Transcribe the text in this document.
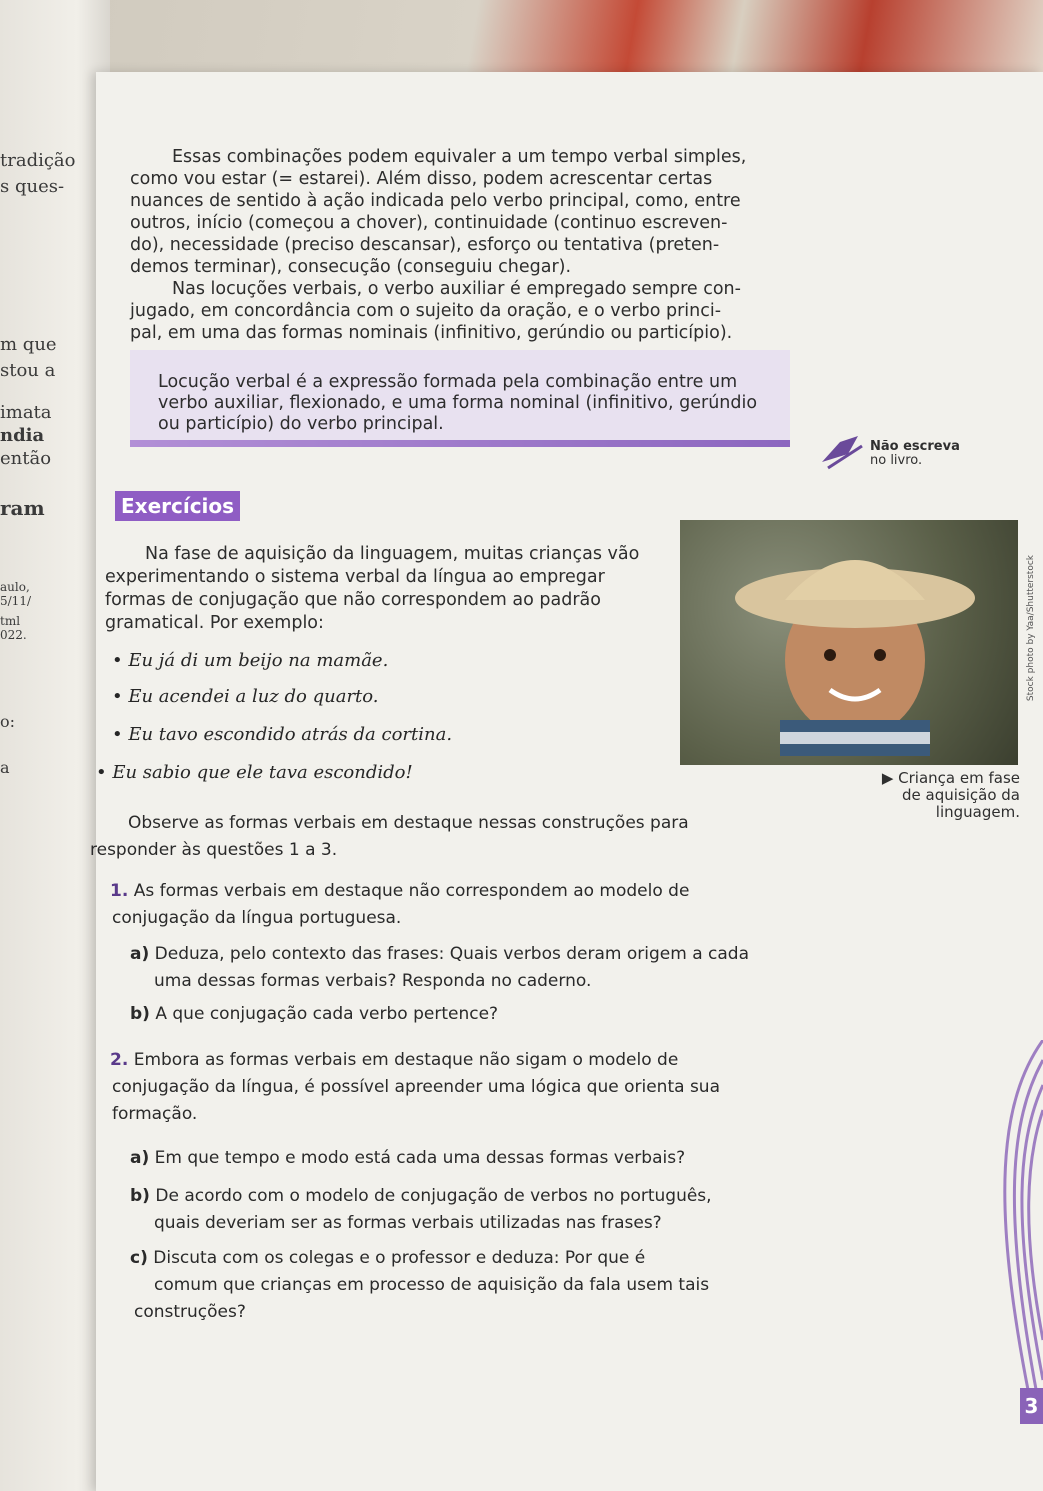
tradição
s ques-
m que
stou a
imata
ndia
então
ram
aulo,
5/11/
tml
022.
o:
a
Essas combinações podem equivaler a um tempo verbal simples,
como vou estar (= estarei). Além disso, podem acrescentar certas
nuances de sentido à ação indicada pelo verbo principal, como, entre
outros, início (começou a chover), continuidade (continuo escreven-
do), necessidade (preciso descansar), esforço ou tentativa (preten-
demos terminar), consecução (conseguiu chegar).
Nas locuções verbais, o verbo auxiliar é empregado sempre con-
jugado, em concordância com o sujeito da oração, e o verbo princi-
pal, em uma das formas nominais (infinitivo, gerúndio ou particípio).
Locução verbal é a expressão formada pela combinação entre um
verbo auxiliar, flexionado, e uma forma nominal (infinitivo, gerúndio
ou particípio) do verbo principal.
Não escreva
no livro.
Exercícios
Na fase de aquisição da linguagem, muitas crianças vão
experimentando o sistema verbal da língua ao empregar
formas de conjugação que não correspondem ao padrão
gramatical. Por exemplo:	Stock photo by Yaa/Shutterstock
• Eu já di um beijo na mamãe.
• Eu acendei a luz do quarto.
• Eu tavo escondido atrás da cortina.
• Eu sabio que ele tava escondido!	▶ Criança em fase
de aquisição da
linguagem.
Observe as formas verbais em destaque nessas construções para
responder às questões 1 a 3.
1. As formas verbais em destaque não correspondem ao modelo de
conjugação da língua portuguesa.
a) Deduza, pelo contexto das frases: Quais verbos deram origem a cada
uma dessas formas verbais? Responda no caderno.
b) A que conjugação cada verbo pertence?
2. Embora as formas verbais em destaque não sigam o modelo de
conjugação da língua, é possível apreender uma lógica que orienta sua
formação.
a) Em que tempo e modo está cada uma dessas formas verbais?
b) De acordo com o modelo de conjugação de verbos no português,
quais deveriam ser as formas verbais utilizadas nas frases?
c) Discuta com os colegas e o professor e deduza: Por que é
comum que crianças em processo de aquisição da fala usem tais
construções?
3
